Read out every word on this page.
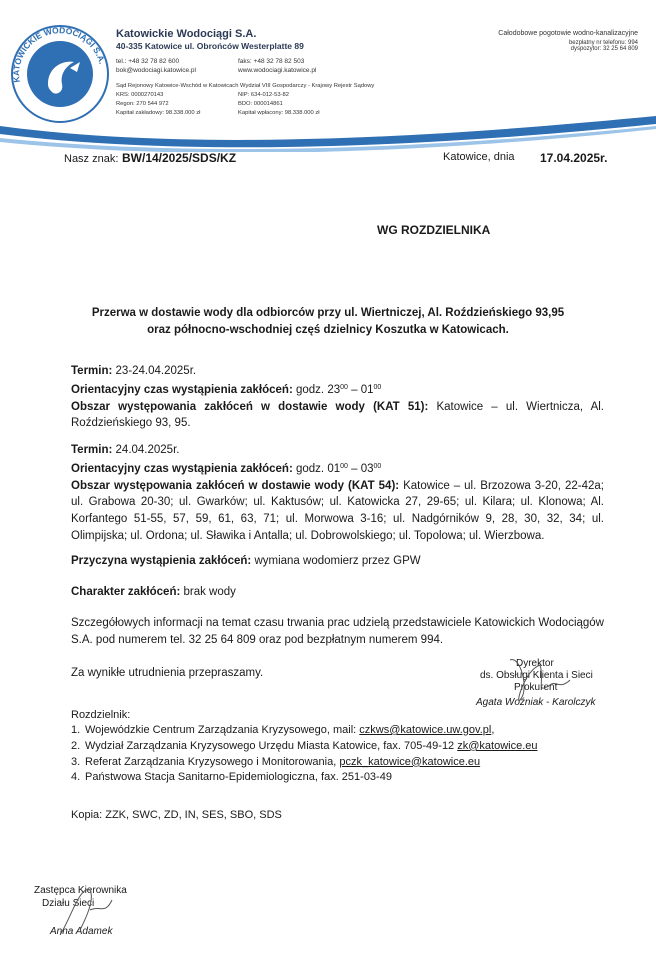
KATOWICKIE WODOCIĄGI S.A.
Katowickie Wodociągi S.A.
40-335 Katowice ul. Obrońców Westerplatte 89
tel.: +48 32 78 82 600
bok@wodociagi.katowice.pl
faks: +48 32 78 82 503
www.wodociagi.katowice.pl
Sąd Rejonowy Katowice-Wschód w Katowicach Wydział VIII Gospodarczy - Krajowy Rejestr Sądowy
KRS: 0000270143
Regon: 270 544 972
Kapitał zakładowy: 98.338.000 zł
NIP: 634-012-53-82
BDO: 000014861
Kapitał wpłacony: 98.338.000 zł
Całodobowe pogotowie wodno-kanalizacyjne
bezpłatny nr telefonu: 994
dyspozytor: 32 25 64 809
Nasz znak: BW/14/2025/SDS/KZ	Katowice, dnia 17.04.2025r.
WG ROZDZIELNIKA
Przerwa w dostawie wody dla odbiorców przy ul. Wiertniczej, Al. Roździeńskiego 93,95
oraz północno-wschodniej częś dzielnicy Koszutka w Katowicach.
Termin: 23-24.04.2025r.
Orientacyjny czas wystąpienia zakłóceń: godz. $23^{00} - 01^{00}$
Obszar występowania zakłóceń w dostawie wody (KAT 51): Katowice – ul. Wiertnicza, Al. Roździeńskiego 93, 95.
Termin: 24.04.2025r.
Orientacyjny czas wystąpienia zakłóceń: godz. $01^{00} - 03^{00}$
Obszar występowania zakłóceń w dostawie wody (KAT 54): Katowice – ul. Brzozowa 3-20, 22-42a; ul. Grabowa 20-30; ul. Gwarków; ul. Kaktusów; ul. Katowicka 27, 29-65; ul. Kilara; ul. Klonowa; Al. Korfantego 51-55, 57, 59, 61, 63, 71; ul. Morwowa 3-16; ul. Nadgórników 9, 28, 30, 32, 34; ul. Olimpijska; ul. Ordona; ul. Sławika i Antalla; ul. Dobrowolskiego; ul. Topolowa; ul. Wierzbowa.
Przyczyna wystąpienia zakłóceń: wymiana wodomierz przez GPW
Charakter zakłóceń: brak wody
Szczegółowych informacji na temat czasu trwania prac udzielą przedstawiciele Katowickich Wodociągów S.A. pod numerem tel. 32 25 64 809 oraz pod bezpłatnym numerem 994.
Za wynikłe utrudnienia przepraszamy.
Dyrektor
ds. Obsługi Klienta i Sieci
Prokurent
Agata Woźniak - Karolczyk
Rozdzielnik:
1. Wojewódzkie Centrum Zarządzania Kryzysowego, mail: czkws@katowice.uw.gov.pl,
2. Wydział Zarządzania Kryzysowego Urzędu Miasta Katowice, fax. 705-49-12 zk@katowice.eu
3. Referat Zarządzania Kryzysowego i Monitorowania, pczk_katowice@katowice.eu
4. Państwowa Stacja Sanitarno-Epidemiologiczna, fax. 251-03-49
Kopia: ZZK, SWC, ZD, IN, SES, SBO, SDS
Zastępca Kierownika
Działu Sieci
Anna Adamek
